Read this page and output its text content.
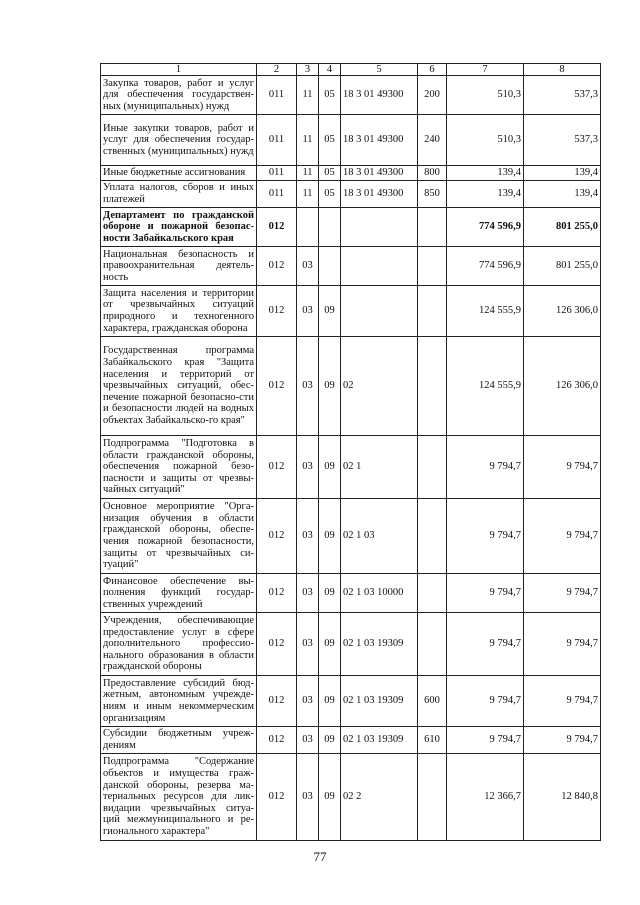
1	2	3	4	5	6	7	8
Закупка товаров, работ и услуг для обеспечения государствен-ных (муниципальных) нужд	011	11	05	18 3 01 49300	200	510,3	537,3
Иные закупки товаров, работ и услуг для обеспечения государ-ственных (муниципальных) нужд	011	11	05	18 3 01 49300	240	510,3	537,3
Иные бюджетные ассигнования	011	11	05	18 3 01 49300	800	139,4	139,4
Уплата налогов, сборов и иных платежей	011	11	05	18 3 01 49300	850	139,4	139,4
Департамент по гражданской обороне и пожарной безопас-ности Забайкальского края	012					774 596,9	801 255,0
Национальная безопасность и правоохранительная деятель-ность	012	03				774 596,9	801 255,0
Защита населения и территории от чрезвычайных ситуаций природного и техногенного характера, гражданская оборона	012	03	09			124 555,9	126 306,0
Государственная программа Забайкальского края "Защита населения и территорий от чрезвычайных ситуаций, обес-печение пожарной безопасно-сти и безопасности людей на водных объектах Забайкальско-го края"	012	03	09	02		124 555,9	126 306,0
Подпрограмма "Подготовка в области гражданской обороны, обеспечения пожарной безо-пасности и защиты от чрезвы-чайных ситуаций"	012	03	09	02 1		9 794,7	9 794,7
Основное мероприятие "Орга-низация обучения в области гражданской обороны, обеспе-чения пожарной безопасности, защиты от чрезвычайных си-туаций"	012	03	09	02 1 03		9 794,7	9 794,7
Финансовое обеспечение вы-полнения функций государ-ственных учреждений	012	03	09	02 1 03 10000		9 794,7	9 794,7
Учреждения, обеспечивающие предоставление услуг в сфере дополнительного профессио-нального образования в области гражданской обороны	012	03	09	02 1 03 19309		9 794,7	9 794,7
Предоставление субсидий бюд-жетным, автономным учрежде-ниям и иным некоммерческим организациям	012	03	09	02 1 03 19309	600	9 794,7	9 794,7
Субсидии бюджетным учреж-дениям	012	03	09	02 1 03 19309	610	9 794,7	9 794,7
Подпрограмма "Содержание объектов и имущества граж-данской обороны, резерва ма-териальных ресурсов для лик-видации чрезвычайных ситуа-ций межмуниципального и ре-гионального характера"	012	03	09	02 2		12 366,7	12 840,8
77
